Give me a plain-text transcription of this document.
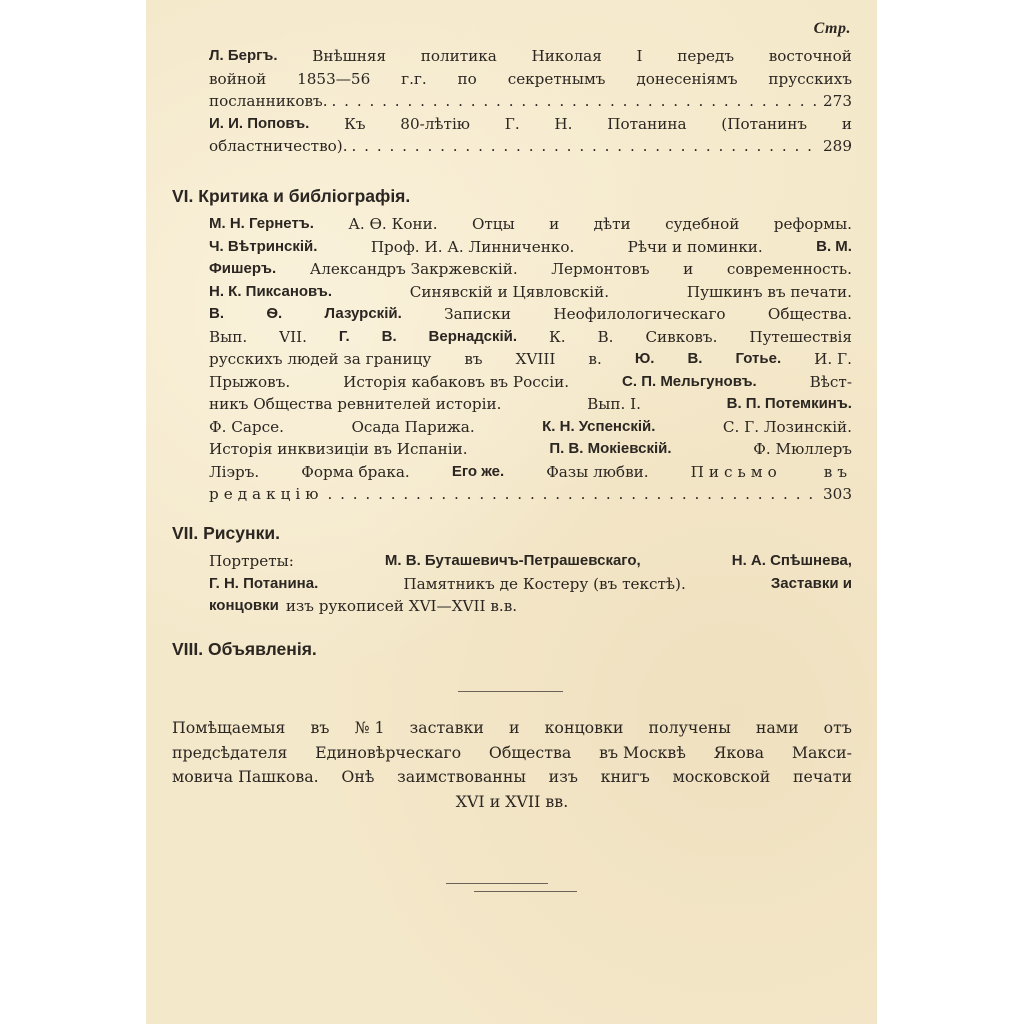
Стр.
Л. Бергъ. Внѣшняя политика Николая I передъ восточной
войной 1853—56 г.г. по секретнымъ донесеніямъ прусскихъ
посланниковъ. . . .	273
И. И. Поповъ. Къ 80-лѣтію Г. Н. Потанина (Потанинъ и
областничество). . . .	289
VI. Критика и библіографія.
М. Н. Гернетъ. А. Ѳ. Кони. Отцы и дѣти судебной реформы.
Ч. Вѣтринскій.	Проф. И. А. Линниченко.	Рѣчи и поминки.	В. М.
Фишеръ. Александръ Закржевскій. Лермонтовъ и современность.
Н. К. Пиксановъ.	Синявскій и Цявловскій.	Пушкинъ въ печати.
В.	Ѳ.	Лазурскій.	Записки	Неофилологическаго	Общества.
Вып. VII. Г. В. Вернадскій. К. В. Сивковъ. Путешествія
русскихъ людей за границу въ XVIII в. Ю. В. Готье. И. Г.
Прыжовъ.	Исторія кабаковъ въ Россіи.	С. П. Мельгуновъ.	Вѣст-
никъ Общества ревнителей исторіи.	Вып. I.	В. П. Потемкинъ.
Ф. Сарсе.	Осада Парижа.	К. Н. Успенскій.	С. Г. Лозинскій.
Исторія инквизиціи въ Испаніи.	П. В. Мокіевскій.	Ф. Мюллеръ
Ліэръ.	Форма брака.	Его же.	Фазы любви.	Письмо	въ
редакцію . . .	303
VII. Рисунки.
Портреты:	М. В. Буташевичъ-Петрашевскаго,	Н. А. Спѣшнева,
Г. Н. Потанина.	Памятникъ де Костеру (въ текстѣ).	Заставки и
концовки изъ рукописей XVI—XVII в.в.
VIII. Объявленія.
Помѣщаемыя въ № 1 заставки и концовки получены нами отъ
предсѣдателя Единовѣрческаго Общества въ Москвѣ Якова Макси-
мовича Пашкова. Онѣ заимствованны изъ книгъ московской печати
XVI и XVII вв.
